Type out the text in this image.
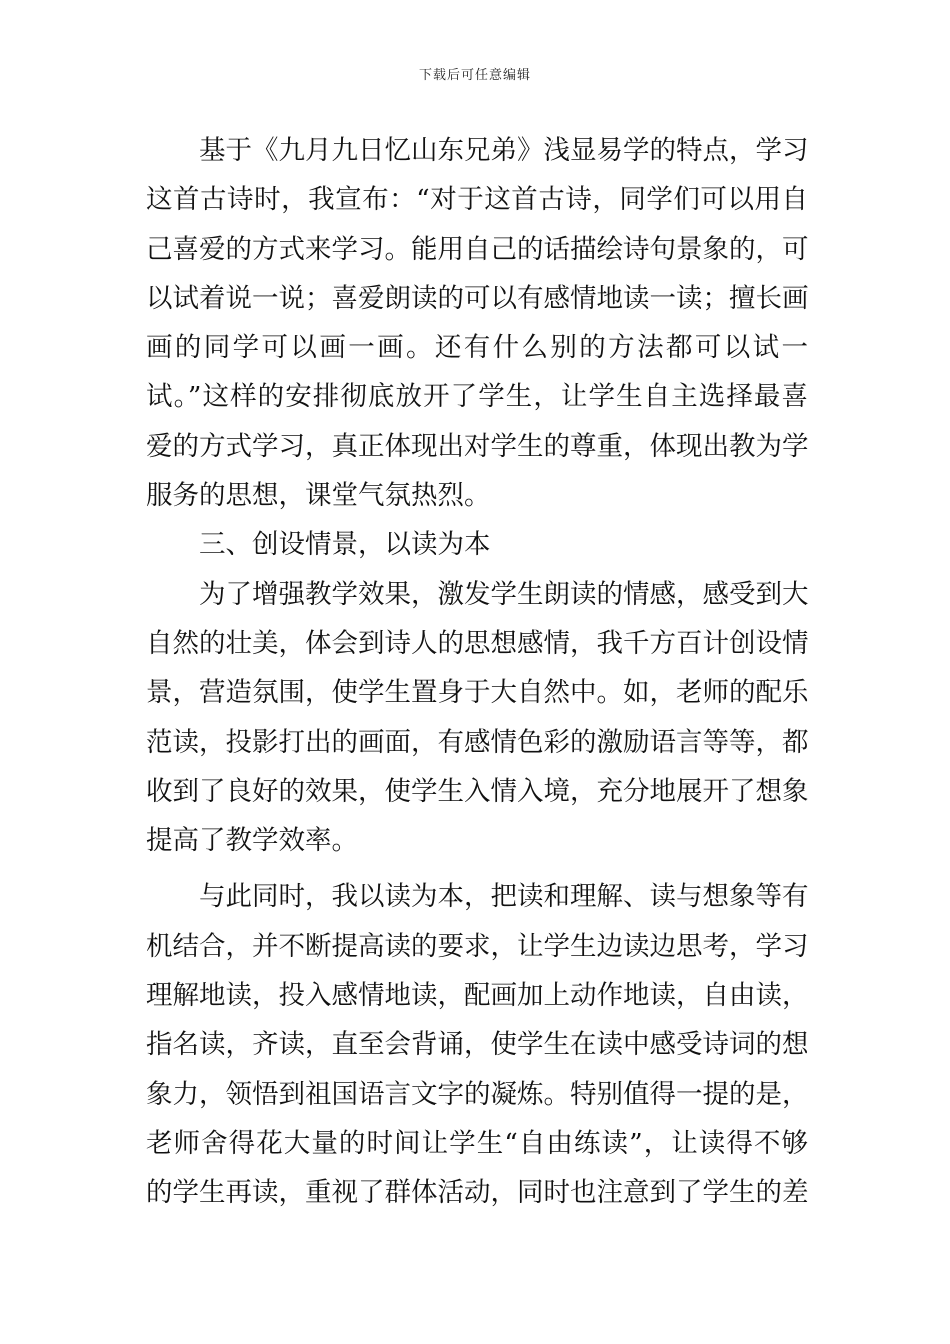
下载后可任意编辑
基于《九月九日忆山东兄弟》浅显易学的特点，学习
这首古诗时，我宣布：“对于这首古诗，同学们可以用自
己喜爱的方式来学习。能用自己的话描绘诗句景象的，可
以试着说一说；喜爱朗读的可以有感情地读一读；擅长画
画的同学可以画一画。还有什么别的方法都可以试一
试。”这样的安排彻底放开了学生，让学生自主选择最喜
爱的方式学习，真正体现出对学生的尊重，体现出教为学
服务的思想，课堂气氛热烈。
三、创设情景，以读为本
为了增强教学效果，激发学生朗读的情感，感受到大
自然的壮美，体会到诗人的思想感情，我千方百计创设情
景，营造氛围，使学生置身于大自然中。如，老师的配乐
范读，投影打出的画面，有感情色彩的激励语言等等，都
收到了良好的效果，使学生入情入境，充分地展开了想象
提高了教学效率。
与此同时，我以读为本，把读和理解、读与想象等有
机结合，并不断提高读的要求，让学生边读边思考，学习
理解地读，投入感情地读，配画加上动作地读，自由读，
指名读，齐读，直至会背诵，使学生在读中感受诗词的想
象力，领悟到祖国语言文字的凝炼。特别值得一提的是，
老师舍得花大量的时间让学生“自由练读”，让读得不够
的学生再读，重视了群体活动，同时也注意到了学生的差
